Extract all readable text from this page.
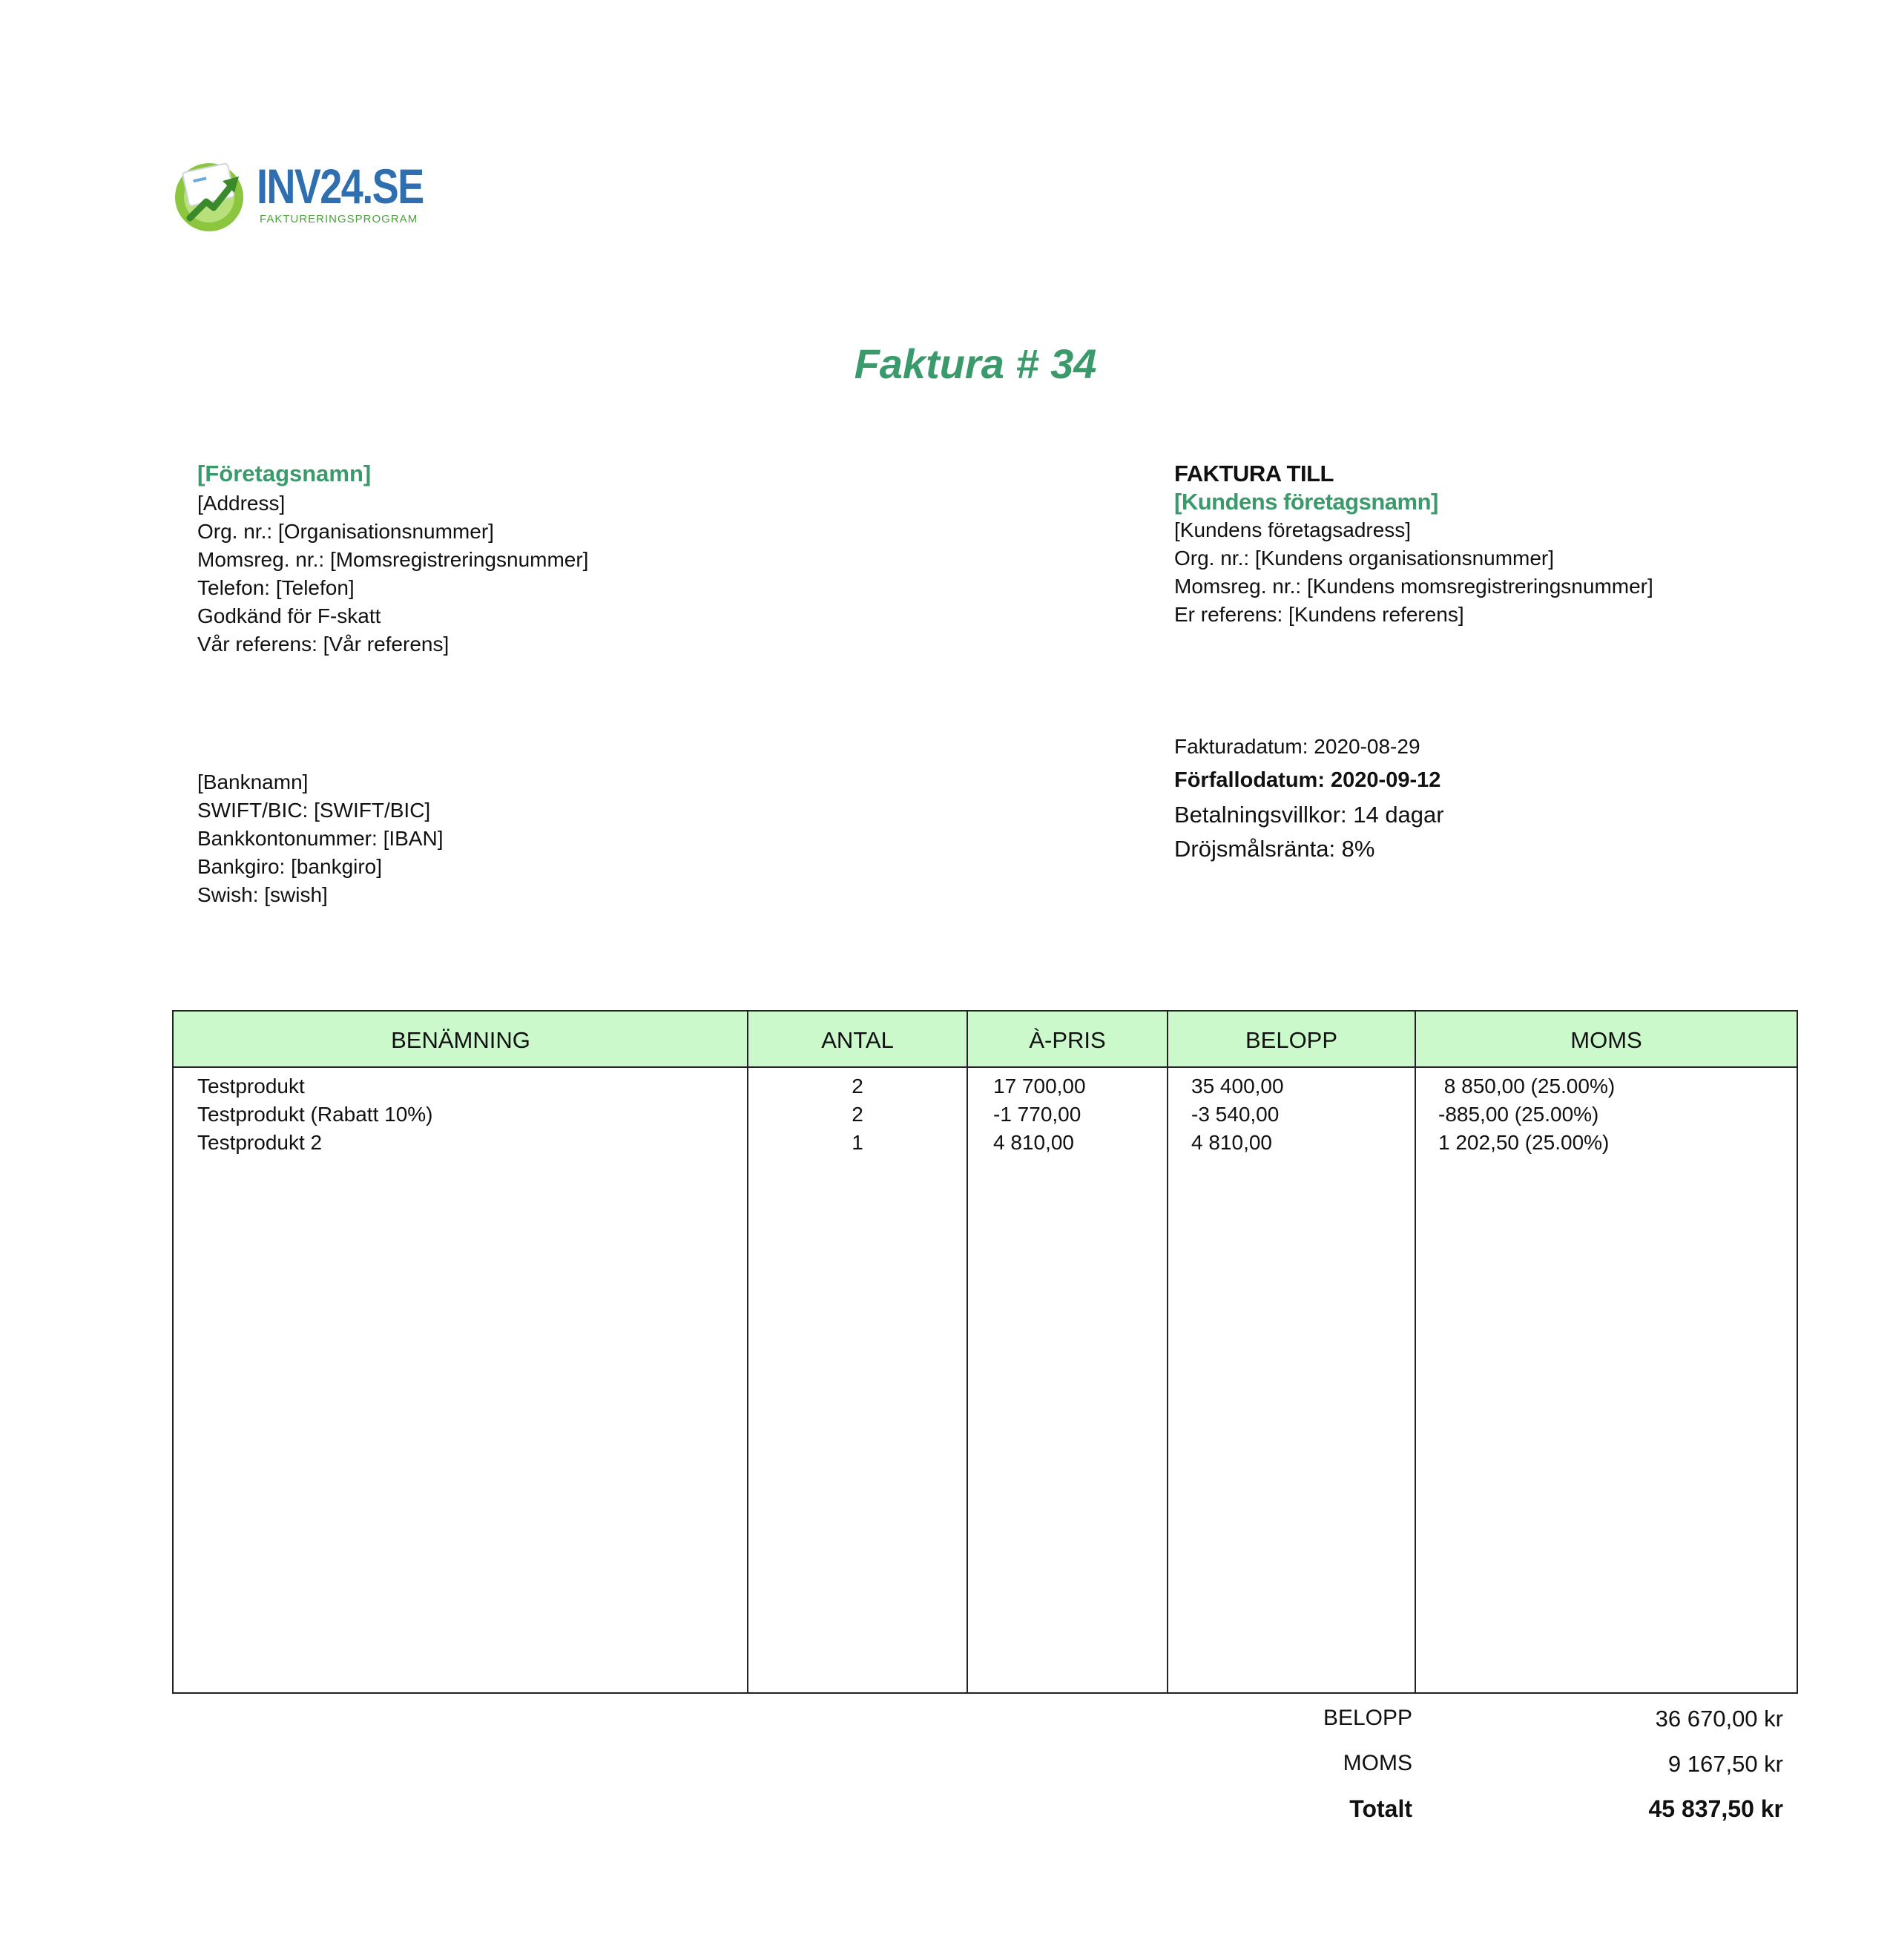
INV24.SE
FAKTURERINGSPROGRAM
Faktura # 34
[Företagsnamn]
[Address]
Org. nr.: [Organisationsnummer]
Momsreg. nr.: [Momsregistreringsnummer]
Telefon: [Telefon]
Godkänd för F-skatt
Vår referens: [Vår referens]
FAKTURA TILL
[Kundens företagsnamn]
[Kundens företagsadress]
Org. nr.: [Kundens organisationsnummer]
Momsreg. nr.: [Kundens momsregistreringsnummer]
Er referens: [Kundens referens]
[Banknamn]
SWIFT/BIC: [SWIFT/BIC]
Bankkontonummer: [IBAN]
Bankgiro: [bankgiro]
Swish: [swish]
Fakturadatum: 2020-08-29
Förfallodatum: 2020-09-12
Betalningsvillkor: 14 dagar
Dröjsmålsränta: 8%
BENÄMNING	ANTAL	À-PRIS	BELOPP	MOMS
Testprodukt	2	17 700,00	35 400,00	8 850,00 (25.00%)
Testprodukt (Rabatt 10%)	2	-1 770,00	-3 540,00	-885,00 (25.00%)
Testprodukt 2	1	4 810,00	4 810,00	1 202,50 (25.00%)
BELOPP	36 670,00 kr
MOMS	9 167,50 kr
Totalt	45 837,50 kr
